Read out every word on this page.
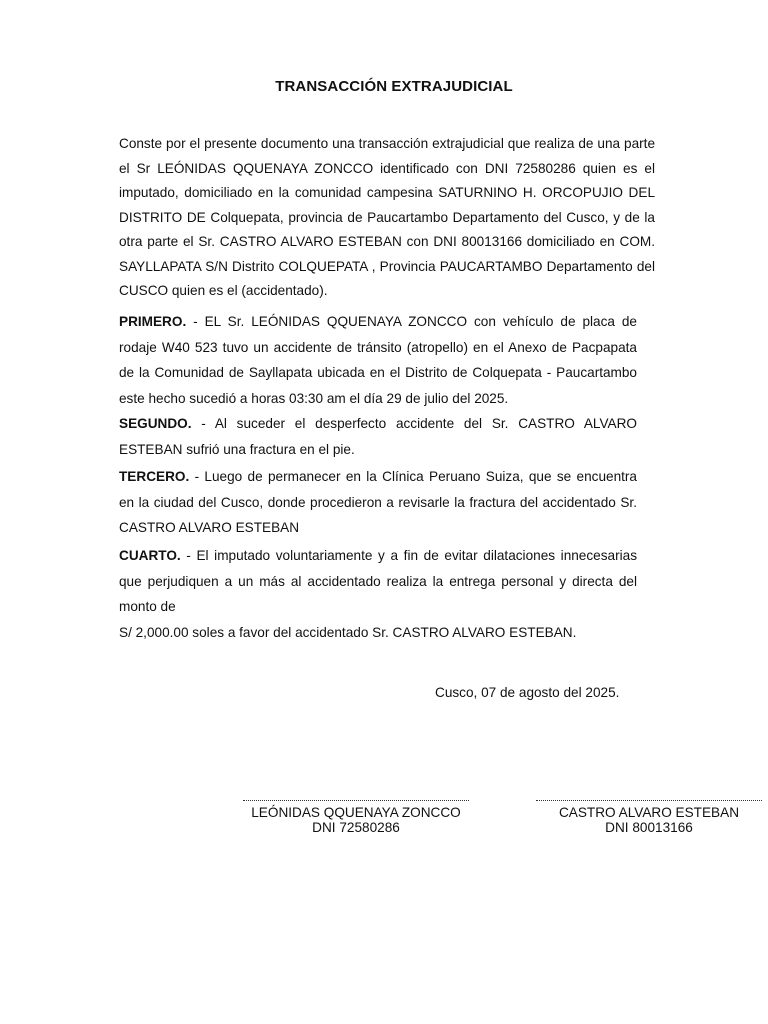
TRANSACCIÓN EXTRAJUDICIAL

Conste por el presente documento una transacción extrajudicial que realiza de una parte el Sr LEÓNIDAS QQUENAYA ZONCCO identificado con DNI 72580286 quien es el imputado, domiciliado en la comunidad campesina SATURNINO H. ORCOPUJIO DEL DISTRITO DE Colquepata, provincia de Paucartambo Departamento del Cusco, y de la otra parte el Sr. CASTRO ALVARO ESTEBAN con DNI 80013166 domiciliado en COM. SAYLLAPATA S/N Distrito COLQUEPATA , Provincia PAUCARTAMBO Departamento del CUSCO quien es el (accidentado).

PRIMERO. - EL Sr. LEÓNIDAS QQUENAYA ZONCCO con vehículo de placa de rodaje W40 523 tuvo un accidente de tránsito (atropello) en el Anexo de Pacpapata de la Comunidad de Sayllapata ubicada en el Distrito de Colquepata - Paucartambo este hecho sucedió a horas 03:30 am el día 29 de julio del 2025.

SEGUNDO. - Al suceder el desperfecto accidente del Sr. CASTRO ALVARO ESTEBAN sufrió una fractura en el pie.

TERCERO. - Luego de permanecer en la Clínica Peruano Suiza, que se encuentra en la ciudad del Cusco, donde procedieron a revisarle la fractura del accidentado Sr. CASTRO ALVARO ESTEBAN

CUARTO. - El imputado voluntariamente y a fin de evitar dilataciones innecesarias que perjudiquen a un más al accidentado realiza la entrega personal y directa del monto de

S/ 2,000.00 soles a favor del accidentado Sr. CASTRO ALVARO ESTEBAN.
Cusco, 07 de agosto del 2025.
LEÓNIDAS QQUENAYA ZONCCO
DNI 72580286
CASTRO ALVARO ESTEBAN
DNI 80013166
